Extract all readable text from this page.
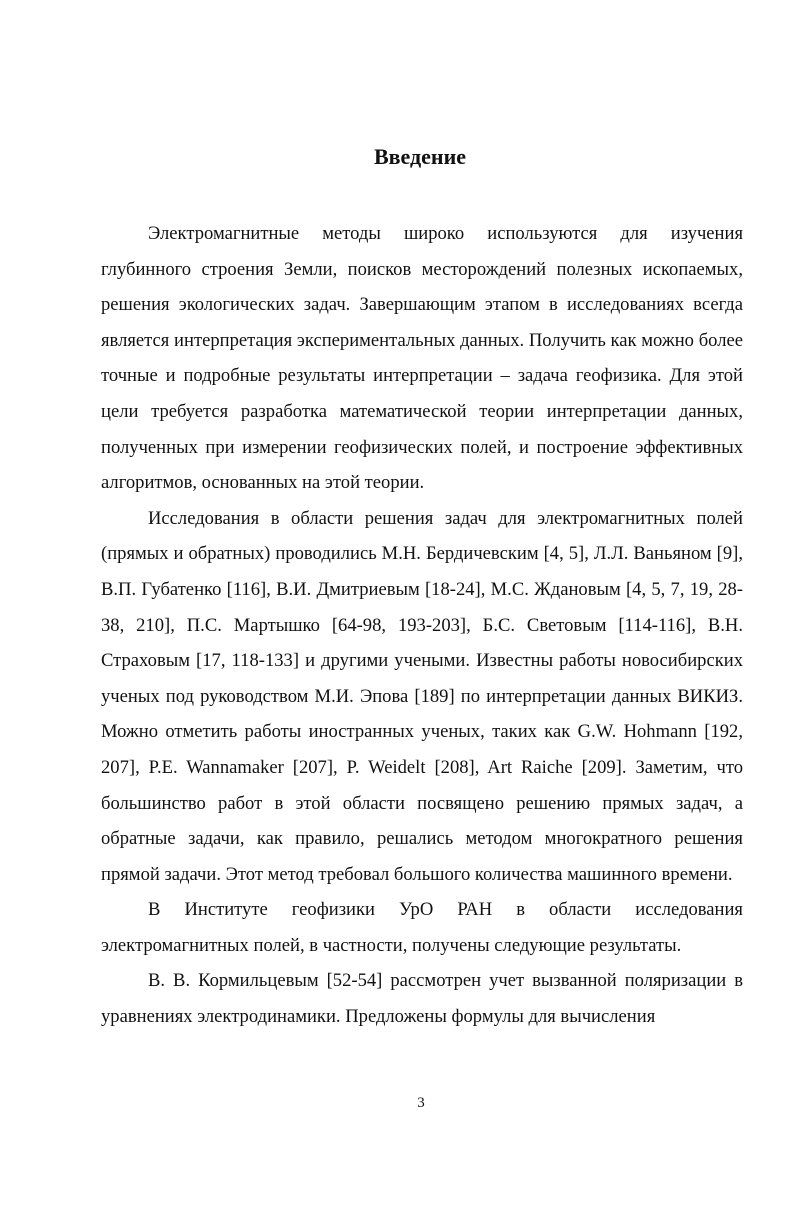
Введение

Электромагнитные методы широко используются для изучения глубинного строения Земли, поисков месторождений полезных ископаемых, решения экологических задач. Завершающим этапом в исследованиях всегда является интерпретация экспериментальных данных. Получить как можно более точные и подробные результаты интерпретации – задача геофизика. Для этой цели требуется разработка математической теории интерпретации данных, полученных при измерении геофизических полей, и построение эффективных алгоритмов, основанных на этой теории.

Исследования в области решения задач для электромагнитных полей (прямых и обратных) проводились М.Н. Бердичевским [4, 5], Л.Л. Ваньяном [9], В.П. Губатенко [116], В.И. Дмитриевым [18-24], М.С. Ждановым [4, 5, 7, 19, 28-38, 210], П.С. Мартышко [64-98, 193-203], Б.С. Световым [114-116], В.Н. Страховым [17, 118-133] и другими учеными. Известны работы новосибирских ученых под руководством М.И. Эпова [189] по интерпретации данных ВИКИЗ. Можно отметить работы иностранных ученых, таких как G.W. Hohmann [192, 207], P.E. Wannamaker [207], P. Weidelt [208], Art Raiche [209]. Заметим, что большинство работ в этой области посвящено решению прямых задач, а обратные задачи, как правило, решались методом многократного решения прямой задачи. Этот метод требовал большого количества машинного времени.

В Институте геофизики УрО РАН в области исследования электромагнитных полей, в частности, получены следующие результаты.

В. В. Кормильцевым [52-54] рассмотрен учет вызванной поляризации в уравнениях электродинамики. Предложены формулы для вычисления

3
